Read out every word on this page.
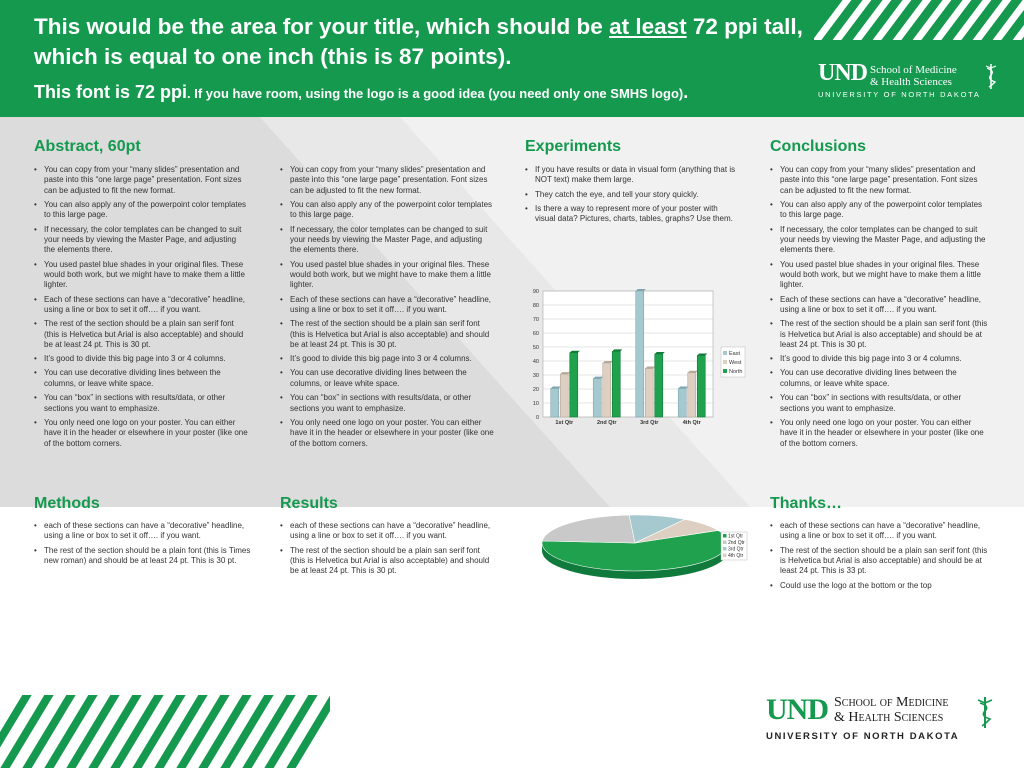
This would be the area for your title, which should be at least 72 ppi tall, which is equal to one inch (this is 87 points).
This font is 72 ppi. If you have room, using the logo is a good idea (you need only one SMHS logo).
UND School of Medicine
& Health Sciences
UNIVERSITY OF NORTH DAKOTA
Abstract, 60pt
• You can copy from your “many slides” presentation and paste into this “one large page” presentation. Font sizes can be adjusted to fit the new format.
• You can also apply any of the powerpoint color templates to this large page.
• If necessary, the color templates can be changed to suit your needs by viewing the Master Page, and adjusting the elements there.
• You used pastel blue shades in your original files. These would both work, but we might have to make them a little lighter.
• Each of these sections can have a “decorative” headline, using a line or box to set it off…. if you want.
• The rest of the section should be a plain san serif font (this is Helvetica but Arial is also acceptable) and should be at least 24 pt. This is 30 pt.
• It’s good to divide this big page into 3 or 4 columns.
• You can use decorative dividing lines between the columns, or leave white space.
• You can “box” in sections with results/data, or other sections you want to emphasize.
• You only need one logo on your poster. You can either have it in the header or elsewhere in your poster (like one of the bottom corners.
• You can copy from your “many slides” presentation and paste into this “one large page” presentation. Font sizes can be adjusted to fit the new format.
• You can also apply any of the powerpoint color templates to this large page.
• If necessary, the color templates can be changed to suit your needs by viewing the Master Page, and adjusting the elements there.
• You used pastel blue shades in your original files. These would both work, but we might have to make them a little lighter.
• Each of these sections can have a “decorative” headline, using a line or box to set it off…. if you want.
• The rest of the section should be a plain san serif font (this is Helvetica but Arial is also acceptable) and should be at least 24 pt. This is 30 pt.
• It’s good to divide this big page into 3 or 4 columns.
• You can use decorative dividing lines between the columns, or leave white space.
• You can “box” in sections with results/data, or other sections you want to emphasize.
• You only need one logo on your poster. You can either have it in the header or elsewhere in your poster (like one of the bottom corners.
Experiments
• If you have results or data in visual form (anything that is NOT text) make them large.
• They catch the eye, and tell your story quickly.
• Is there a way to represent more of your poster with visual data? Pictures, charts, tables, graphs? Use them.
0
10
20
30
40
50
60
70
80
90
1st Qtr	2nd Qtr	3rd Qtr	4th Qtr
East
West
North
Conclusions
• You can copy from your “many slides” presentation and paste into this “one large page” presentation. Font sizes can be adjusted to fit the new format.
• You can also apply any of the powerpoint color templates to this large page.
• If necessary, the color templates can be changed to suit your needs by viewing the Master Page, and adjusting the elements there.
• You used pastel blue shades in your original files. These would both work, but we might have to make them a little lighter.
• Each of these sections can have a “decorative” headline, using a line or box to set it off…. if you want.
• The rest of the section should be a plain san serif font (this is Helvetica but Arial is also acceptable) and should be at least 24 pt. This is 30 pt.
• It’s good to divide this big page into 3 or 4 columns.
• You can use decorative dividing lines between the columns, or leave white space.
• You can “box” in sections with results/data, or other sections you want to emphasize.
• You only need one logo on your poster. You can either have it in the header or elsewhere in your poster (like one of the bottom corners.
Methods
• each of these sections can have a “decorative” headline, using a line or box to set it off…. if you want.
• The rest of the section should be a plain font (this is Times new roman) and should be at least 24 pt. This is 30 pt.
Results
• each of these sections can have a “decorative” headline, using a line or box to set it off…. if you want.
• The rest of the section should be a plain san serif font (this is Helvetica but Arial is also acceptable) and should be at least 24 pt. This is 30 pt.
1st Qtr
2nd Qtr
3rd Qtr
4th Qtr
Thanks…
• each of these sections can have a “decorative” headline, using a line or box to set it off…. if you want.
• The rest of the section should be a plain san serif font (this is Helvetica but Arial is also acceptable) and should be at least 24 pt. This is 33 pt.
• Could use the logo at the bottom or the top
UND School of Medicine
& Health Sciences
UNIVERSITY OF NORTH DAKOTA
